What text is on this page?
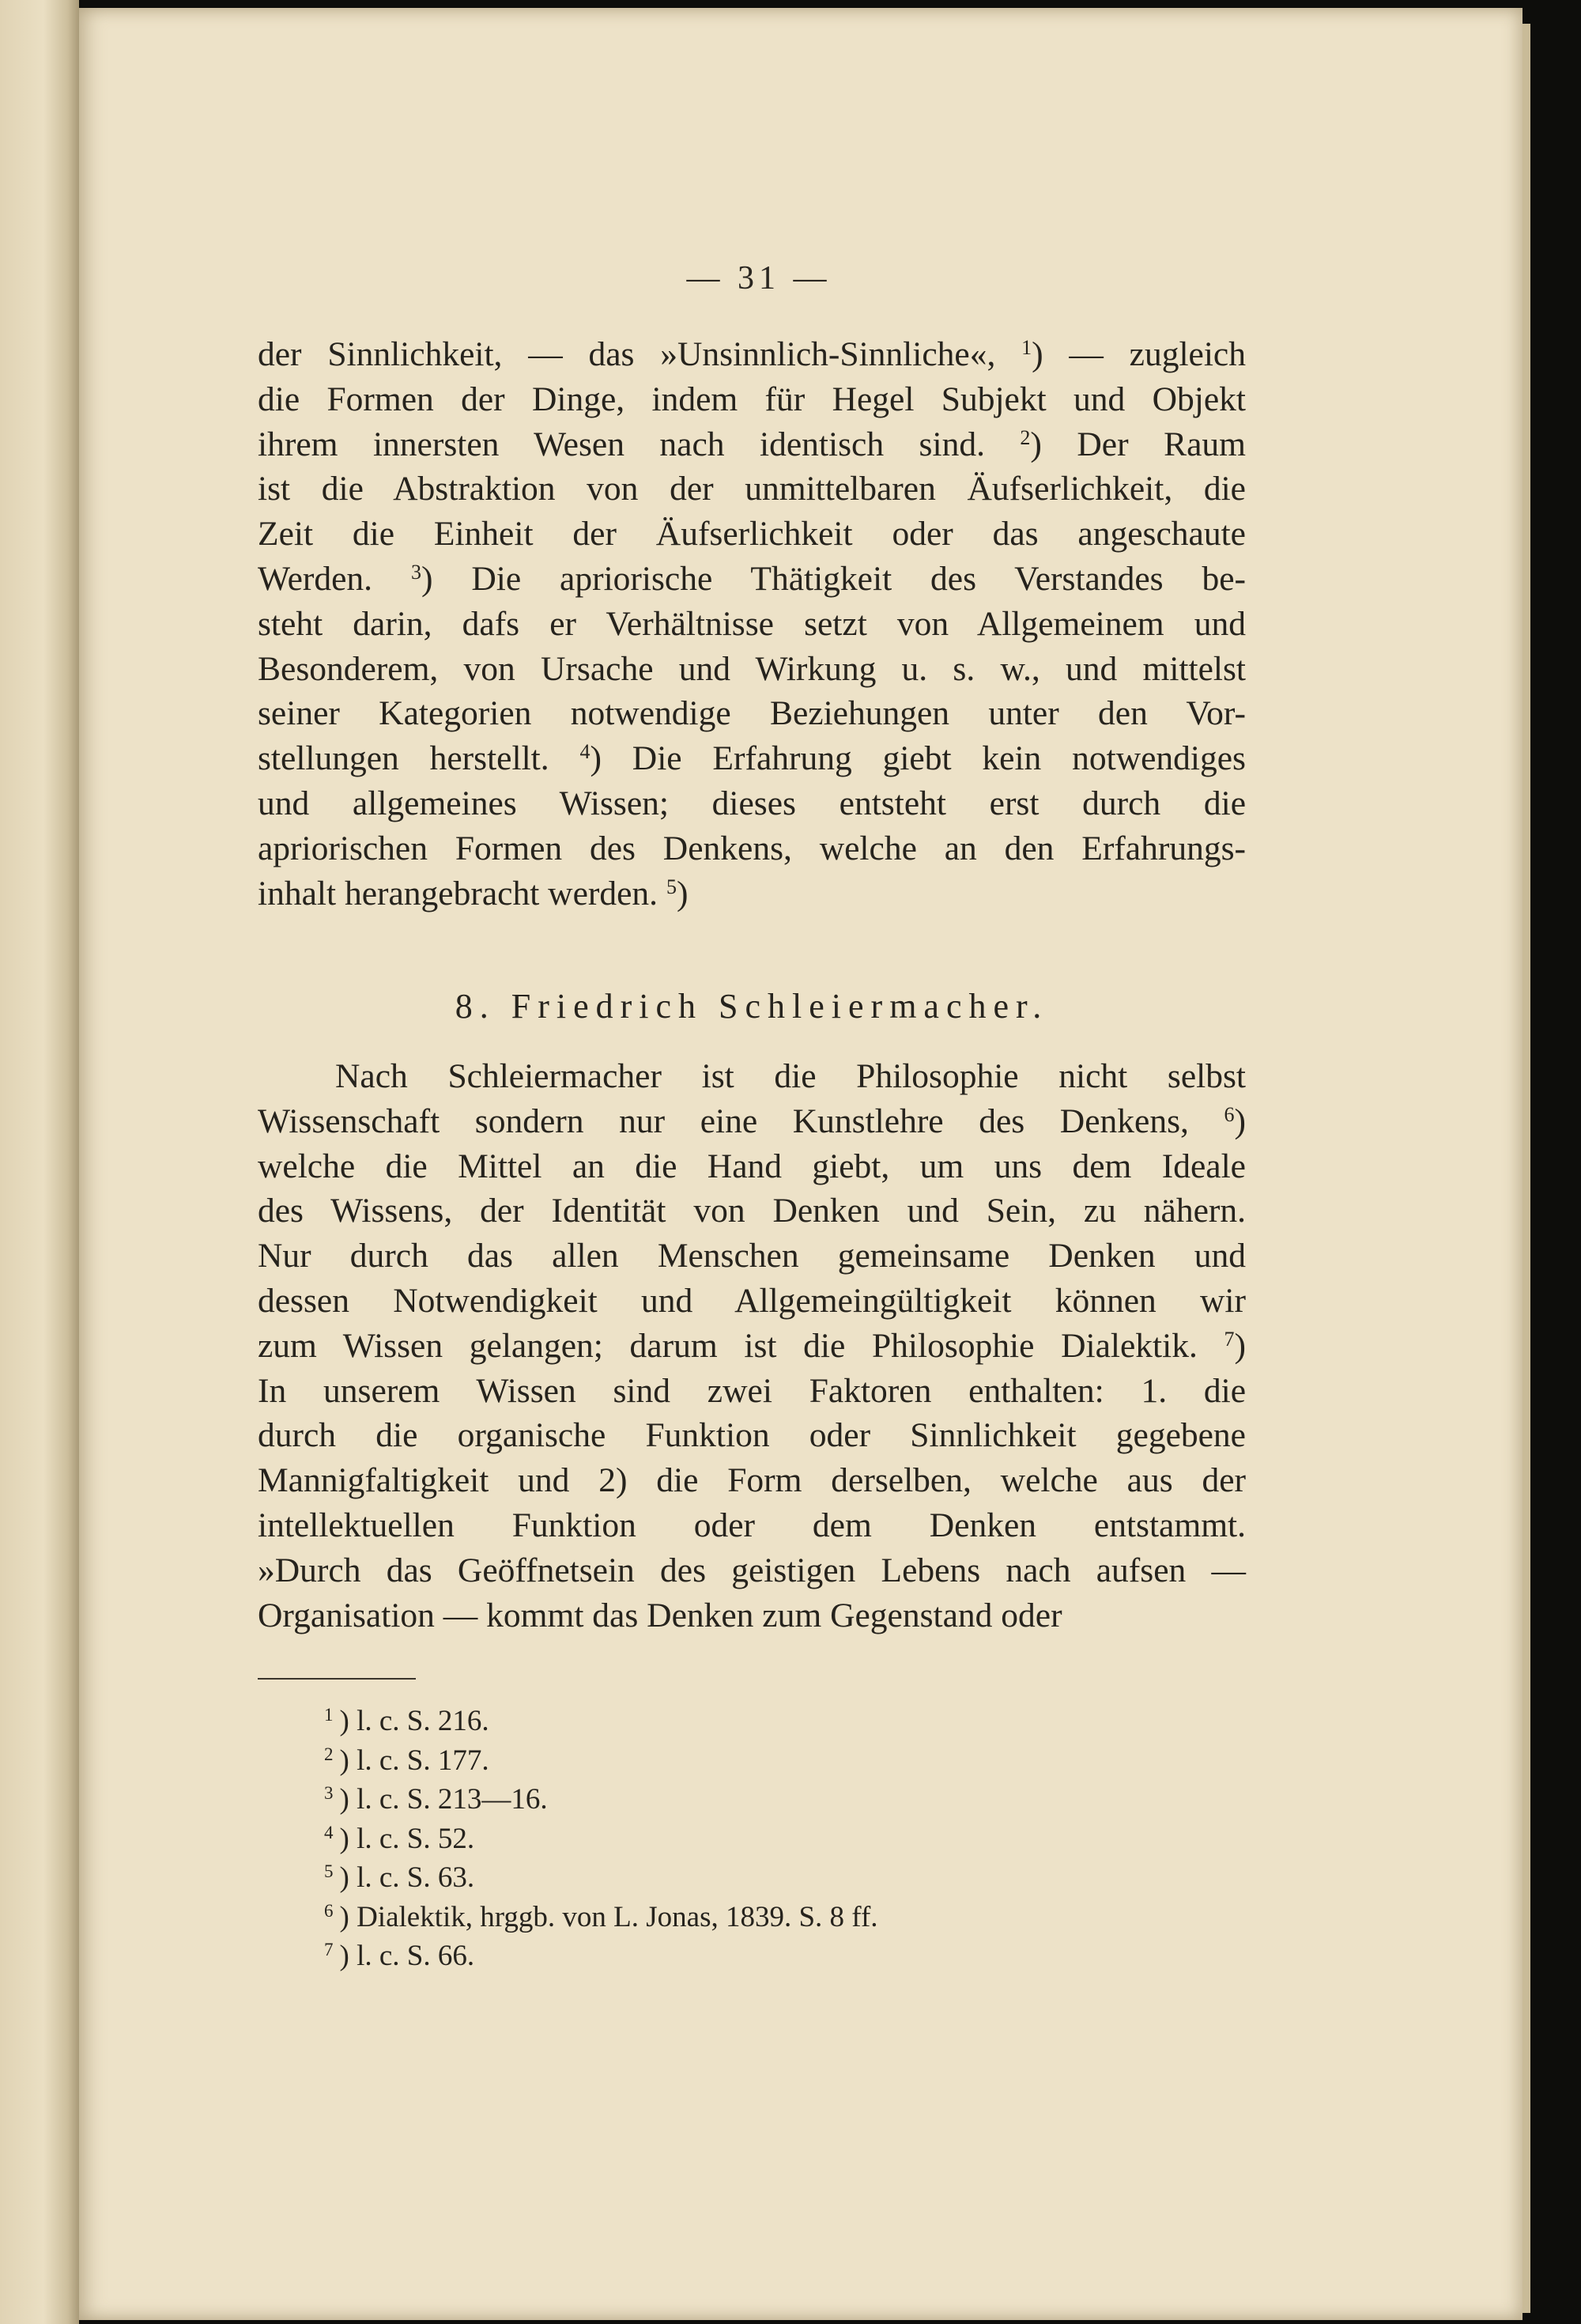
— 31 —
der Sinnlichkeit, — das »Unsinnlich-Sinnliche«, $^1$) — zugleich
die Formen der Dinge, indem für Hegel Subjekt und Objekt
ihrem innersten Wesen nach identisch sind. $^2$) Der Raum
ist die Abstraktion von der unmittelbaren Äufserlichkeit, die
Zeit die Einheit der Äufserlichkeit oder das angeschaute
Werden. $^3$) Die apriorische Thätigkeit des Verstandes be-
steht darin, dafs er Verhältnisse setzt von Allgemeinem und
Besonderem, von Ursache und Wirkung u. s. w., und mittelst
seiner Kategorien notwendige Beziehungen unter den Vor-
stellungen herstellt. $^4$) Die Erfahrung giebt kein notwendiges
und allgemeines Wissen; dieses entsteht erst durch die
apriorischen Formen des Denkens, welche an den Erfahrungs-
inhalt herangebracht werden. $^5$)
8. Friedrich Schleiermacher.
Nach Schleiermacher ist die Philosophie nicht selbst
Wissenschaft sondern nur eine Kunstlehre des Denkens, $^6$)
welche die Mittel an die Hand giebt, um uns dem Ideale
des Wissens, der Identität von Denken und Sein, zu nähern.
Nur durch das allen Menschen gemeinsame Denken und
dessen Notwendigkeit und Allgemeingültigkeit können wir
zum Wissen gelangen; darum ist die Philosophie Dialektik. $^7$)
In unserem Wissen sind zwei Faktoren enthalten: 1. die
durch die organische Funktion oder Sinnlichkeit gegebene
Mannigfaltigkeit und 2) die Form derselben, welche aus der
intellektuellen Funktion oder dem Denken entstammt.
»Durch das Geöffnetsein des geistigen Lebens nach aufsen —
Organisation — kommt das Denken zum Gegenstand oder
$^1$ ) l. c. S. 216.
$^2$ ) l. c. S. 177.
$^3$ ) l. c. S. 213—16.
$^4$ ) l. c. S. 52.
$^5$ ) l. c. S. 63.
$^6$ ) Dialektik, hrggb. von L. Jonas, 1839. S. 8 ff.
$^7$ ) l. c. S. 66.
